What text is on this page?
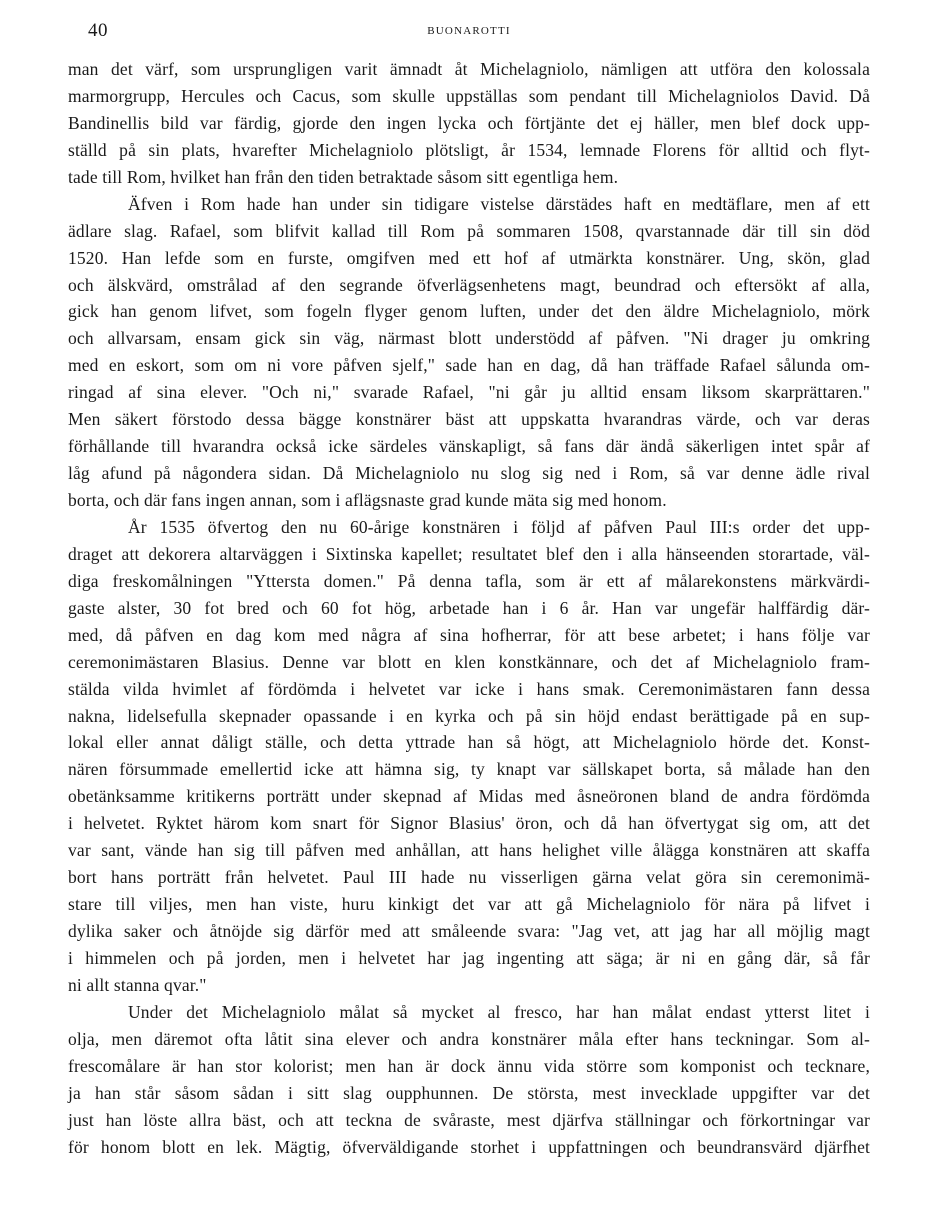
40	BUONAROTTI
man det värf, som ursprungligen varit ämnadt åt Michelagniolo, nämligen att utföra den kolossala
marmorgrupp, Hercules och Cacus, som skulle uppställas som pendant till Michelagniolos David. Då
Bandinellis bild var färdig, gjorde den ingen lycka och förtjänte det ej häller, men blef dock upp-
ställd på sin plats, hvarefter Michelagniolo plötsligt, år 1534, lemnade Florens för alltid och flyt-
tade till Rom, hvilket han från den tiden betraktade såsom sitt egentliga hem.
Äfven i Rom hade han under sin tidigare vistelse därstädes haft en medtäflare, men af ett
ädlare slag. Rafael, som blifvit kallad till Rom på sommaren 1508, qvarstannade där till sin död
1520. Han lefde som en furste, omgifven med ett hof af utmärkta konstnärer. Ung, skön, glad
och älskvärd, omstrålad af den segrande öfverlägsenhetens magt, beundrad och eftersökt af alla,
gick han genom lifvet, som fogeln flyger genom luften, under det den äldre Michelagniolo, mörk
och allvarsam, ensam gick sin väg, närmast blott understödd af påfven. "Ni drager ju omkring
med en eskort, som om ni vore påfven sjelf," sade han en dag, då han träffade Rafael sålunda om-
ringad af sina elever. "Och ni," svarade Rafael, "ni går ju alltid ensam liksom skarprättaren."
Men säkert förstodo dessa bägge konstnärer bäst att uppskatta hvarandras värde, och var deras
förhållande till hvarandra också icke särdeles vänskapligt, så fans där ändå säkerligen intet spår af
låg afund på någondera sidan. Då Michelagniolo nu slog sig ned i Rom, så var denne ädle rival
borta, och där fans ingen annan, som i aflägsnaste grad kunde mäta sig med honom.
År 1535 öfvertog den nu 60-årige konstnären i följd af påfven Paul III:s order det upp-
draget att dekorera altarväggen i Sixtinska kapellet; resultatet blef den i alla hänseenden storartade, väl-
diga freskomålningen "Yttersta domen." På denna tafla, som är ett af målarekonstens märkvärdi-
gaste alster, 30 fot bred och 60 fot hög, arbetade han i 6 år. Han var ungefär halffärdig där-
med, då påfven en dag kom med några af sina hofherrar, för att bese arbetet; i hans följe var
ceremonimästaren Blasius. Denne var blott en klen konstkännare, och det af Michelagniolo fram-
stälda vilda hvimlet af fördömda i helvetet var icke i hans smak. Ceremonimästaren fann dessa
nakna, lidelsefulla skepnader opassande i en kyrka och på sin höjd endast berättigade på en sup-
lokal eller annat dåligt ställe, och detta yttrade han så högt, att Michelagniolo hörde det. Konst-
nären försummade emellertid icke att hämna sig, ty knapt var sällskapet borta, så målade han den
obetänksamme kritikerns porträtt under skepnad af Midas med åsneöronen bland de andra fördömda
i helvetet. Ryktet härom kom snart för Signor Blasius' öron, och då han öfvertygat sig om, att det
var sant, vände han sig till påfven med anhållan, att hans helighet ville ålägga konstnären att skaffa
bort hans porträtt från helvetet. Paul III hade nu visserligen gärna velat göra sin ceremonimä-
stare till viljes, men han viste, huru kinkigt det var att gå Michelagniolo för nära på lifvet i
dylika saker och åtnöjde sig därför med att småleende svara: "Jag vet, att jag har all möjlig magt
i himmelen och på jorden, men i helvetet har jag ingenting att säga; är ni en gång där, så får
ni allt stanna qvar."
Under det Michelagniolo målat så mycket al fresco, har han målat endast ytterst litet i
olja, men däremot ofta låtit sina elever och andra konstnärer måla efter hans teckningar. Som al-
frescomålare är han stor kolorist; men han är dock ännu vida större som komponist och tecknare,
ja han står såsom sådan i sitt slag oupphunnen. De största, mest invecklade uppgifter var det
just han löste allra bäst, och att teckna de svåraste, mest djärfva ställningar och förkortningar var
för honom blott en lek. Mägtig, öfverväldigande storhet i uppfattningen och beundransvärd djärfhet
